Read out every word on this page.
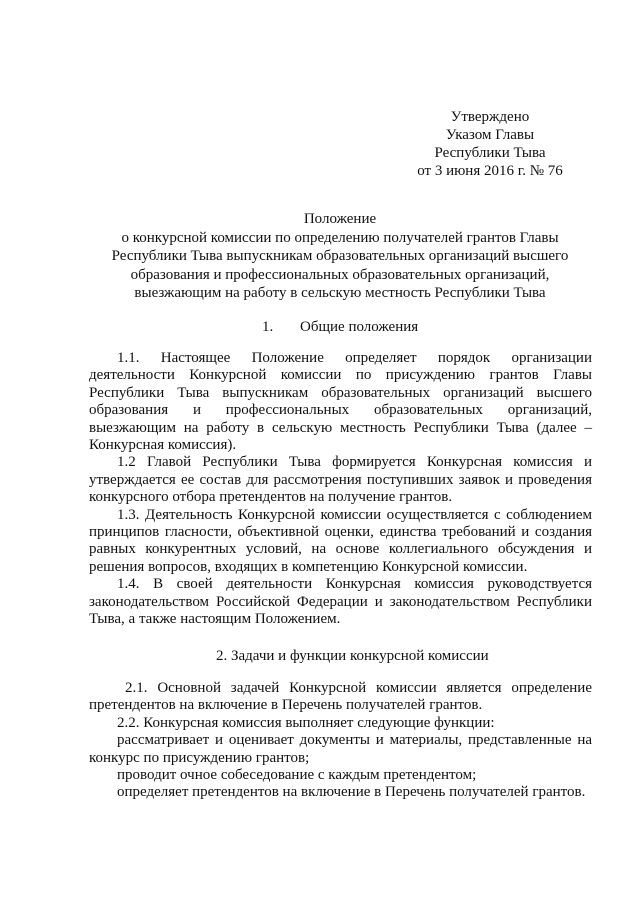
Утверждено
Указом Главы
Республики Тыва
от 3 июня 2016 г. № 76
Положение
о конкурсной комиссии по определению получателей грантов Главы
Республики Тыва выпускникам образовательных организаций высшего
образования и профессиональных образовательных организаций,
выезжающим на работу в сельскую местность Республики Тыва
1. Общие положения

1.1. Настоящее Положение определяет порядок организации деятельности Конкурсной комиссии по присуждению грантов Главы Республики Тыва выпускникам образовательных организаций высшего образования и профессиональных образовательных организаций, выезжающим на работу в сельскую местность Республики Тыва (далее – Конкурсная комиссия).

1.2 Главой Республики Тыва формируется Конкурсная комиссия и утверждается ее состав для рассмотрения поступивших заявок и проведения конкурсного отбора претендентов на получение грантов.

1.3. Деятельность Конкурсной комиссии осуществляется с соблюдением принципов гласности, объективной оценки, единства требований и создания равных конкурентных условий, на основе коллегиального обсуждения и решения вопросов, входящих в компетенцию Конкурсной комиссии.

1.4. В своей деятельности Конкурсная комиссия руководствуется законодательством Российской Федерации и законодательством Республики Тыва, а также настоящим Положением.

2. Задачи и функции конкурсной комиссии

2.1. Основной задачей Конкурсной комиссии является определение претендентов на включение в Перечень получателей грантов.

2.2. Конкурсная комиссия выполняет следующие функции:

рассматривает и оценивает документы и материалы, представленные на конкурс по присуждению грантов;

проводит очное собеседование с каждым претендентом;

определяет претендентов на включение в Перечень получателей грантов.
